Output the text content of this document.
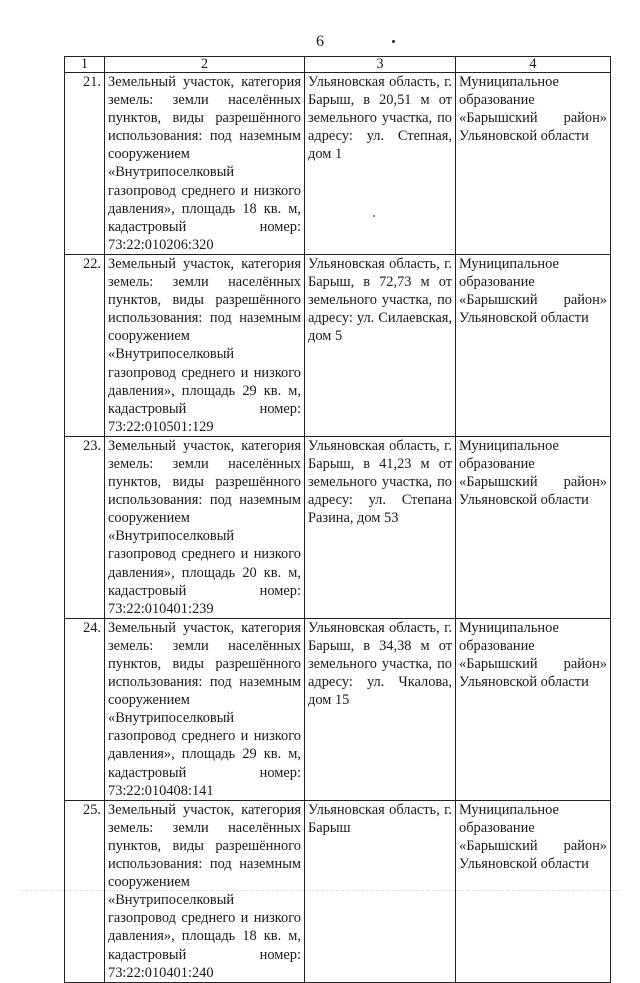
6
1	2	3	4
21.	Земельный участок, категория земель: земли населённых пунктов, виды разрешённого использования: под наземным сооружением «Внутрипоселковый газопровод среднего и низкого давления», площадь 18 кв. м, кадастровый номер: 73:22:010206:320	Ульяновская область, г. Барыш, в 20,51 м от земельного участка, по адресу: ул. Степная, дом 1	Муниципальное образование «Барышский район» Ульяновской области
22.	Земельный участок, категория земель: земли населённых пунктов, виды разрешённого использования: под наземным сооружением «Внутрипоселковый газопровод среднего и низкого давления», площадь 29 кв. м, кадастровый номер: 73:22:010501:129	Ульяновская область, г. Барыш, в 72,73 м от земельного участка, по адресу: ул. Силаевская, дом 5	Муниципальное образование «Барышский район» Ульяновской области
23.	Земельный участок, категория земель: земли населённых пунктов, виды разрешённого использования: под наземным сооружением «Внутрипоселковый газопровод среднего и низкого давления», площадь 20 кв. м, кадастровый номер: 73:22:010401:239	Ульяновская область, г. Барыш, в 41,23 м от земельного участка, по адресу: ул. Степана Разина, дом 53	Муниципальное образование «Барышский район» Ульяновской области
24.	Земельный участок, категория земель: земли населённых пунктов, виды разрешённого использования: под наземным сооружением «Внутрипоселковый газопровод среднего и низкого давления», площадь 29 кв. м, кадастровый номер: 73:22:010408:141	Ульяновская область, г. Барыш, в 34,38 м от земельного участка, по адресу: ул. Чкалова, дом 15	Муниципальное образование «Барышский район» Ульяновской области
25.	Земельный участок, категория земель: земли населённых пунктов, виды разрешённого использования: под наземным сооружением «Внутрипоселковый газопровод среднего и низкого давления», площадь 18 кв. м, кадастровый номер: 73:22:010401:240	Ульяновская область, г. Барыш	Муниципальное образование «Барышский район» Ульяновской области
